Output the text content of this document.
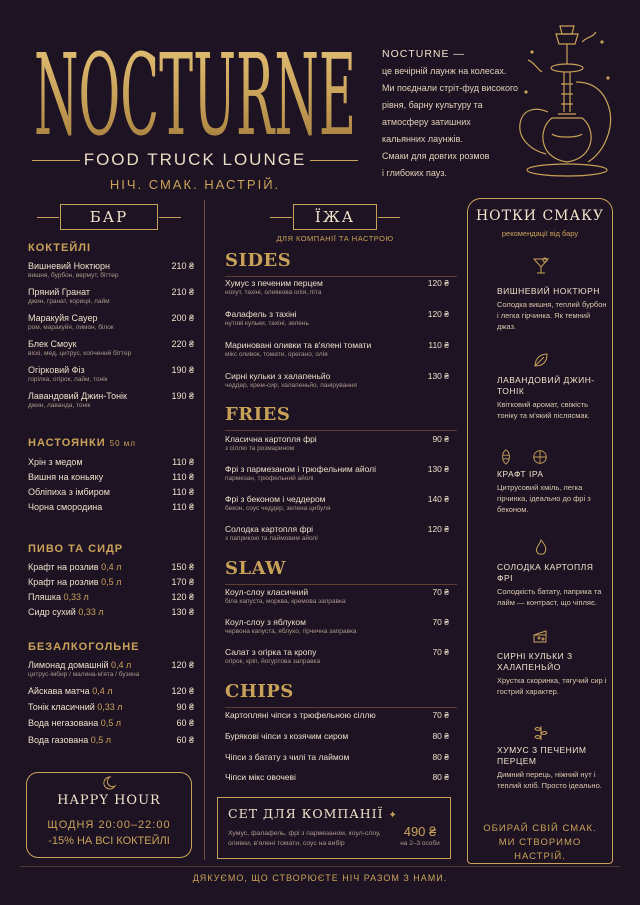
NOCTURNE
FOOD TRUCK LOUNGE
НІЧ. СМАК. НАСТРІЙ.
NOCTURNE —
це вечірній лаунж на колесах.
Ми поєднали стріт-фуд високого
рівня, барну культуру та
атмосферу затишних
кальянних лаунжів.
Смаки для довгих розмов
і глибоких пауз.
БАР
КОКТЕЙЛІ
Вишневий Ноктюрн	210 ₴
вишня, бурбон, вермут, біттер
Пряний Гранат	210 ₴
джин, гранат, кориця, лайм
Маракуйя Сауер	200 ₴
ром, маракуйя, лимон, білок
Блек Смоук	220 ₴
віскі, мед, цитрус, копчений біттер
Огірковий Фіз	190 ₴
горілка, огірок, лайм, тонік
Лавандовий Джин-Тонік	190 ₴
джин, лаванда, тонік
НАСТОЯНКИ 50 мл
Хрін з медом	110 ₴
Вишня на коньяку	110 ₴
Обліпиха з імбиром	110 ₴
Чорна смородина	110 ₴
ПИВО ТА СИДР
Крафт на розлив 0,4 л	150 ₴
Крафт на розлив 0,5 л	170 ₴
Пляшка 0,33 л	120 ₴
Сидр сухий 0,33 л	130 ₴
БЕЗАЛКОГОЛЬНЕ
Лимонад домашній 0,4 л	120 ₴
цитрус-імбир / малина-м'ята / бузина
Айскава матча 0,4 л	120 ₴
Тонік класичний 0,33 л	90 ₴
Вода негазована 0,5 л	60 ₴
Вода газована 0,5 л	60 ₴
HAPPY HOUR
ЩОДНЯ 20:00–22:00
-15% НА ВСІ КОКТЕЙЛІ
ЇЖА
ДЛЯ КОМПАНІЇ ТА НАСТРОЮ
SIDES
Хумус з печеним перцем	120 ₴
нохут, тахіні, оливкова олія, пітa
Фалафель з тахіні	120 ₴
нутові кульки, тахіні, зелень
Мариновані оливки та в'ялені томати	110 ₴
мікс оливок, томати, орегано, олія
Сирні кульки з халапеньйо	130 ₴
чеддер, крем-сир, халапеньйо, панірування
FRIES
Класична картопля фрі	90 ₴
з сіллю та розмарином
Фрі з пармезаном і трюфельним айолі	130 ₴
пармезан, трюфельний айолі
Фрі з беконом і чеддером	140 ₴
бекон, соус чеддер, зелена цибуля
Солодка картопля фрі	120 ₴
з паприкою та лаймовим айолі
SLAW
Коул-слоу класичний	70 ₴
біла капуста, морква, кремова заправка
Коул-слоу з яблуком	70 ₴
червона капуста, яблуко, гірчична заправка
Салат з огірка та кропу	70 ₴
огірок, кріп, йогуртова заправка
CHIPS
Картопляні чіпси з трюфельною сіллю	70 ₴
Бурякові чіпси з козячим сиром	80 ₴
Чіпси з батату з чилі та лаймом	80 ₴
Чіпси мікс овочеві	80 ₴
СЕТ ДЛЯ КОМПАНІЇ ✦
Хумус, фалафель, фрі з пармезаном, коул-слоу, оливки, в'ялені томати, соус на вибір
490 ₴
на 2–3 особи
НОТКИ СМАКУ
рекомендації від бару
ВИШНЕВИЙ НОКТЮРН
Солодка вишня, теплий бурбон і легка гірчинка. Як темний джаз.
ЛАВАНДОВИЙ ДЖИН-ТОНІК
Квітковий аромат, свіжість тоніку та м'який післясмак.
КРАФТ IPA
Цитрусовий хміль, легка гірчинка, ідеально до фрі з беконом.
СОЛОДКА КАРТОПЛЯ ФРІ
Солодкість батату, паприка та лайм — контраст, що чіпляє.
СИРНІ КУЛЬКИ З ХАЛАПЕНЬЙО
Хрустка скоринка, тягучий сир і гострий характер.
ХУМУС З ПЕЧЕНИМ ПЕРЦЕМ
Димний перець, ніжний нут і теплий хліб. Просто ідеально.
ОБИРАЙ СВІЙ СМАК. МИ СТВОРИМО НАСТРІЙ.
ДЯКУЄМО, ЩО СТВОРЮЄТЕ НІЧ РАЗОМ З НАМИ.
